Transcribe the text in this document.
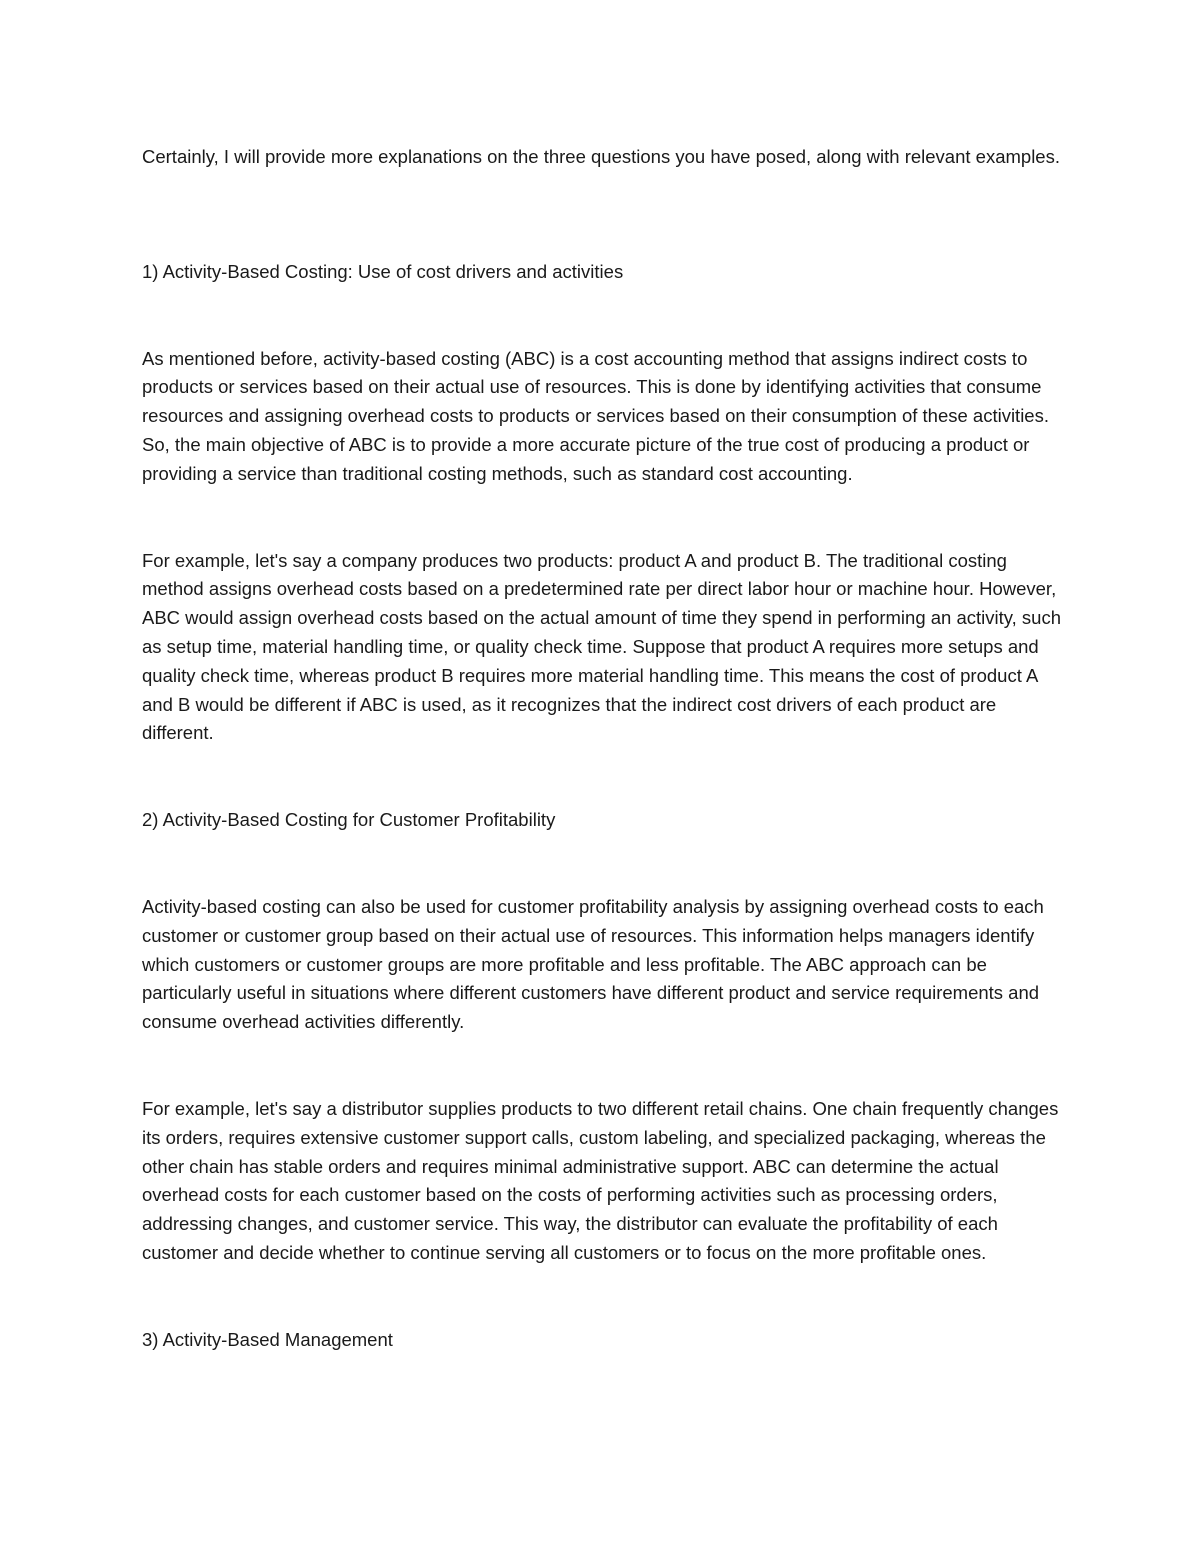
Certainly, I will provide more explanations on the three questions you have posed, along with relevant examples.

1) Activity-Based Costing: Use of cost drivers and activities

As mentioned before, activity-based costing (ABC) is a cost accounting method that assigns indirect costs to products or services based on their actual use of resources. This is done by identifying activities that consume resources and assigning overhead costs to products or services based on their consumption of these activities. So, the main objective of ABC is to provide a more accurate picture of the true cost of producing a product or providing a service than traditional costing methods, such as standard cost accounting.

For example, let's say a company produces two products: product A and product B. The traditional costing method assigns overhead costs based on a predetermined rate per direct labor hour or machine hour. However, ABC would assign overhead costs based on the actual amount of time they spend in performing an activity, such as setup time, material handling time, or quality check time. Suppose that product A requires more setups and quality check time, whereas product B requires more material handling time. This means the cost of product A and B would be different if ABC is used, as it recognizes that the indirect cost drivers of each product are different.

2) Activity-Based Costing for Customer Profitability

Activity-based costing can also be used for customer profitability analysis by assigning overhead costs to each customer or customer group based on their actual use of resources. This information helps managers identify which customers or customer groups are more profitable and less profitable. The ABC approach can be particularly useful in situations where different customers have different product and service requirements and consume overhead activities differently.

For example, let's say a distributor supplies products to two different retail chains. One chain frequently changes its orders, requires extensive customer support calls, custom labeling, and specialized packaging, whereas the other chain has stable orders and requires minimal administrative support. ABC can determine the actual overhead costs for each customer based on the costs of performing activities such as processing orders, addressing changes, and customer service. This way, the distributor can evaluate the profitability of each customer and decide whether to continue serving all customers or to focus on the more profitable ones.

3) Activity-Based Management
